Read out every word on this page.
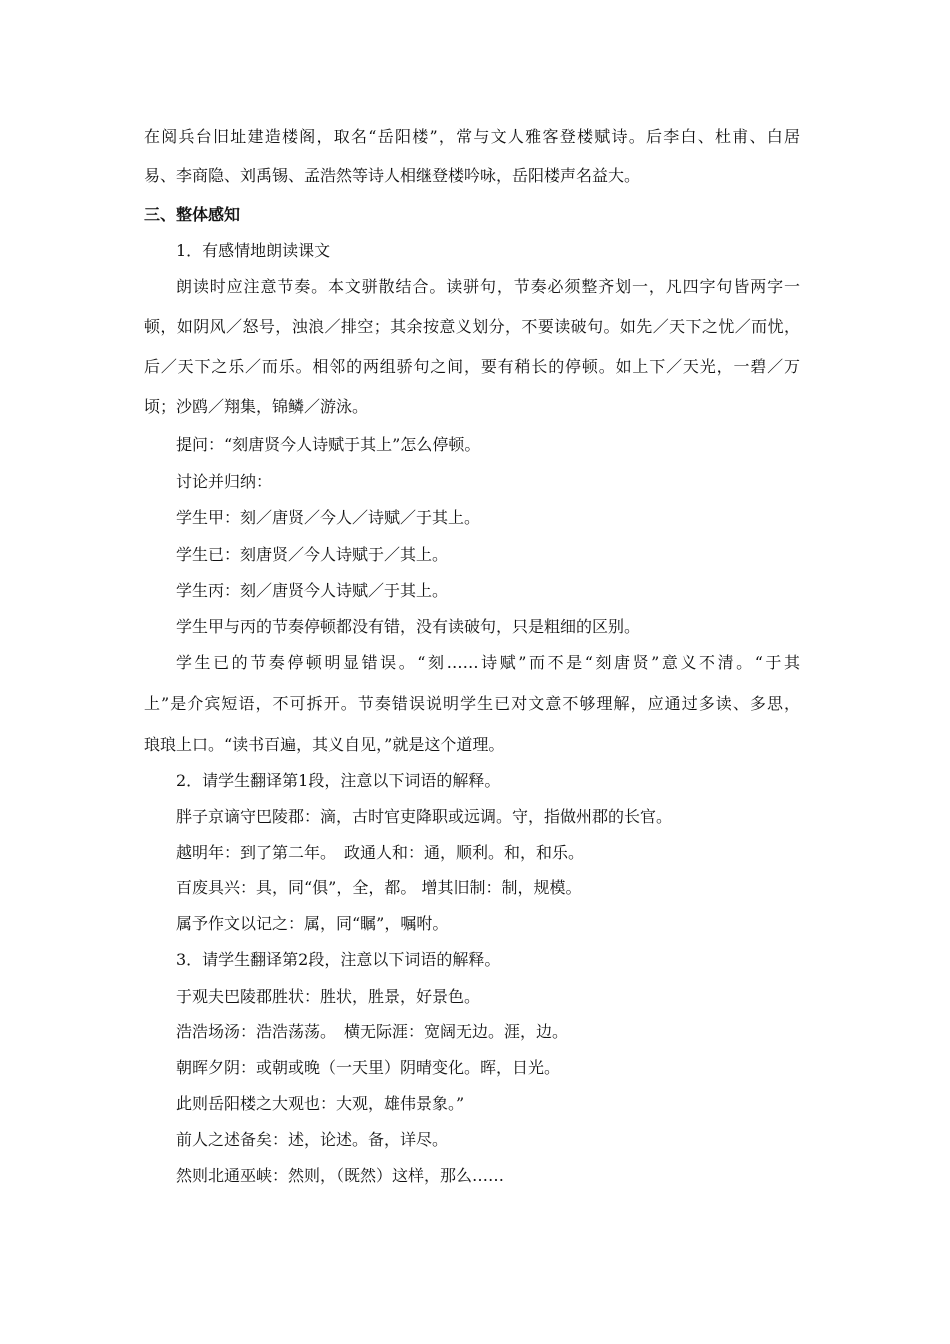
在阅兵台旧址建造楼阁，取名“岳阳楼”，常与文人雅客登楼赋诗。后李白、杜甫、白居
易、李商隐、刘禹锡、孟浩然等诗人相继登楼吟咏，岳阳楼声名益大。
三、整体感知
1．有感情地朗读课文
朗读时应注意节奏。本文骈散结合。读骈句，节奏必须整齐划一，凡四字句皆两字一
顿，如阴风／怒号，浊浪／排空；其余按意义划分，不要读破句。如先／天下之忧／而忧，
后／天下之乐／而乐。相邻的两组骄句之间，要有稍长的停顿。如上下／天光，一碧／万
顷；沙鸥／翔集，锦鳞／游泳。
提问：“刻唐贤今人诗赋于其上”怎么停顿。
讨论并归纳：
学生甲：刻／唐贤／今人／诗赋／于其上。
学生已：刻唐贤／今人诗赋于／其上。
学生丙：刻／唐贤今人诗赋／于其上。
学生甲与丙的节奏停顿都没有错，没有读破句，只是粗细的区别。
学生已的节奏停顿明显错误。“刻……诗赋”而不是“刻唐贤”意义不清。“于其
上”是介宾短语，不可拆开。节奏错误说明学生已对文意不够理解，应通过多读、多思，
琅琅上口。“读书百遍，其义自见，”就是这个道理。
2．请学生翻译第1段，注意以下词语的解释。
胖子京谪守巴陵郡：滴，古时官吏降职或远调。守，指做州郡的长官。
越明年：到了第二年。　政通人和：通，顺利。和，和乐。
百废具兴：具，同“俱”，全，都。 增其旧制：制，规模。
属予作文以记之：属，同“瞩”，嘱咐。
3．请学生翻译第2段，注意以下词语的解释。
于观夫巴陵郡胜状：胜状，胜景，好景色。
浩浩场汤：浩浩荡荡。　横无际涯：宽阔无边。涯，边。
朝晖夕阴：或朝或晚（一天里）阴晴变化。晖，日光。
此则岳阳楼之大观也：大观，雄伟景象。”
前人之述备矣：述，论述。备，详尽。
然则北通巫峡：然则，（既然）这样，那么……
